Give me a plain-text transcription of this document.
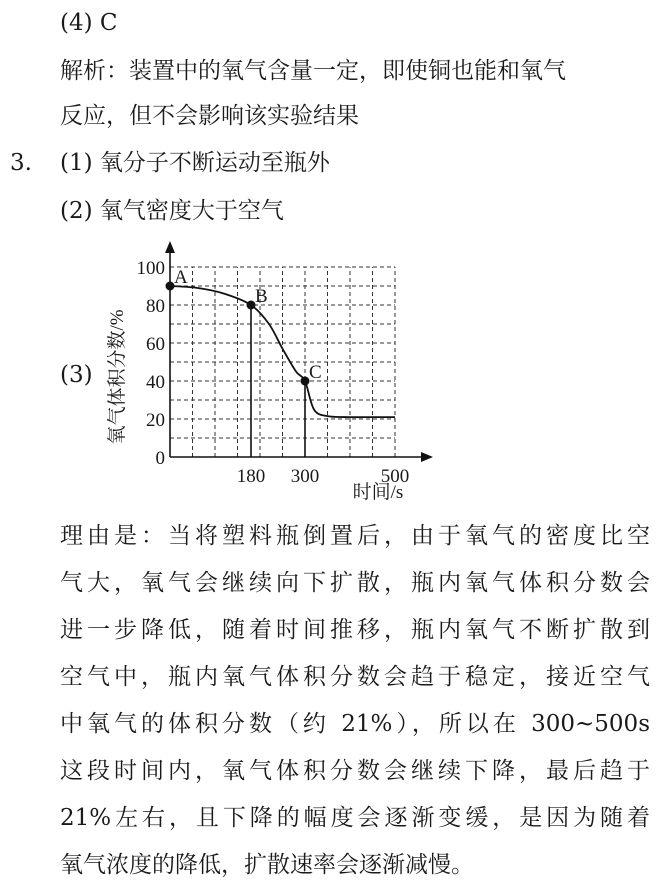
(4) C
解析：装置中的氧气含量一定，即使铜也能和氧气
反应，但不会影响该实验结果
3. (1) 氧分子不断运动至瓶外
(2) 氧气密度大于空气
(3)
0
20
40
60
80
100
180 300	500
A
B
C
氧气体积分数/%
时间/s
理由是：当将塑料瓶倒置后，由于氧气的密度比空
气大，氧气会继续向下扩散，瓶内氧气体积分数会
进一步降低，随着时间推移，瓶内氧气不断扩散到
空气中，瓶内氧气体积分数会趋于稳定，接近空气
中氧气的体积分数（约 21%），所以在 300~500s
这段时间内，氧气体积分数会继续下降，最后趋于
21%左右，且下降的幅度会逐渐变缓，是因为随着
氧气浓度的降低，扩散速率会逐渐减慢。
